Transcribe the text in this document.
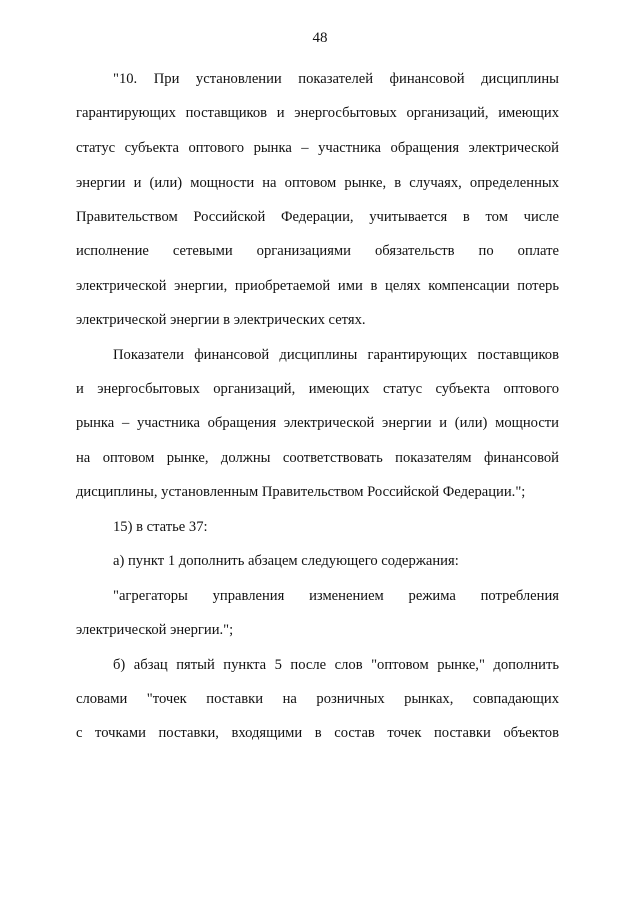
48
"10. При установлении показателей финансовой дисциплины
гарантирующих поставщиков и энергосбытовых организаций, имеющих
статус субъекта оптового рынка – участника обращения электрической
энергии и (или) мощности на оптовом рынке, в случаях, определенных
Правительством Российской Федерации, учитывается в том числе
исполнение сетевыми организациями обязательств по оплате
электрической энергии, приобретаемой ими в целях компенсации потерь
электрической энергии в электрических сетях.
Показатели финансовой дисциплины гарантирующих поставщиков
и энергосбытовых организаций, имеющих статус субъекта оптового
рынка – участника обращения электрической энергии и (или) мощности
на оптовом рынке, должны соответствовать показателям финансовой
дисциплины, установленным Правительством Российской Федерации.";
15) в статье 37:
а) пункт 1 дополнить абзацем следующего содержания:
"агрегаторы управления изменением режима потребления
электрической энергии.";
б) абзац пятый пункта 5 после слов "оптовом рынке," дополнить
словами "точек поставки на розничных рынках, совпадающих
с точками поставки, входящими в состав точек поставки объектов
